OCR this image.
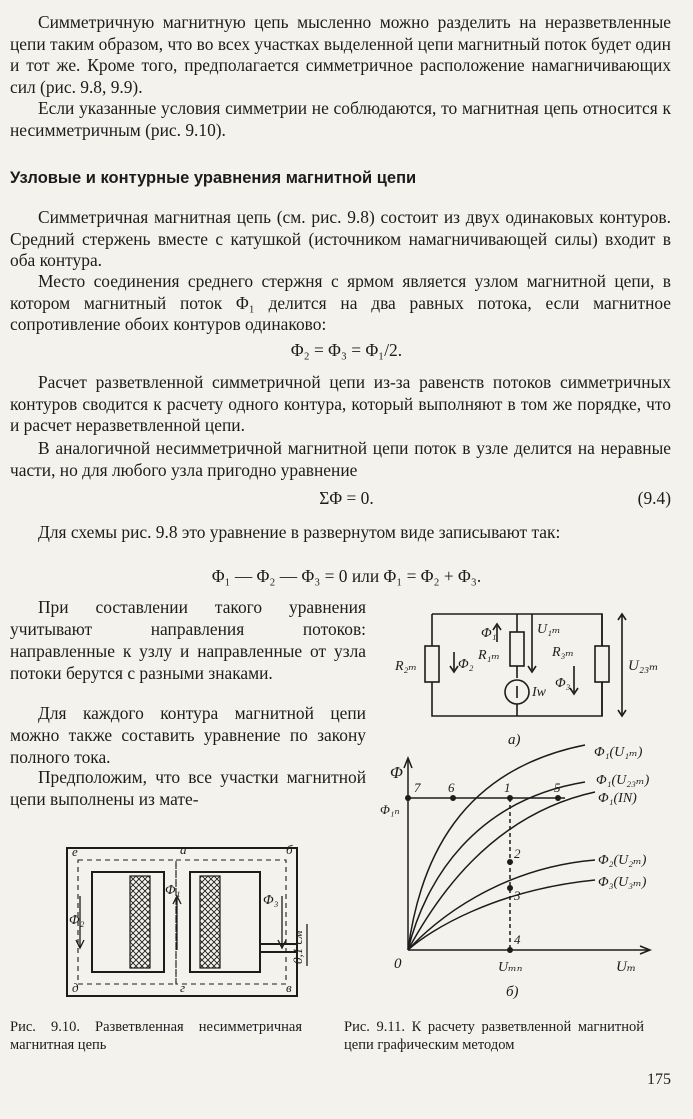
Симметричную магнитную цепь мысленно можно разделить на неразветвленные цепи таким образом, что во всех участках выделенной цепи магнитный поток будет один и тот же. Кроме того, предполагается симметричное расположение намагничивающих сил (рис. 9.8, 9.9).

Если указанные условия симметрии не соблюдаются, то магнитная цепь относится к несимметричным (рис. 9.10).

Узловые и контурные уравнения магнитной цепи

Симметричная магнитная цепь (см. рис. 9.8) состоит из двух одинаковых контуров. Средний стержень вместе с катушкой (источником намагничивающей силы) входит в оба контура.

Место соединения среднего стержня с ярмом является узлом магнитной цепи, в котором магнитный поток Φ₁ делится на два равных потока, если магнитное сопротивление обоих контуров одинаково:

Φ₂ = Φ₃ = Φ₁/2.

Расчет разветвленной симметричной цепи из-за равенств потоков симметричных контуров сводится к расчету одного контура, который выполняют в том же порядке, что и расчет неразветвленной цепи.

В аналогичной несимметричной магнитной цепи поток в узле делится на неравные части, но для любого узла пригодно уравнение

ΣΦ = 0.	(9.4)

Для схемы рис. 9.8 это уравнение в развернутом виде записывают так:

Φ₁ — Φ₂ — Φ₃ = 0 или Φ₁ = Φ₂ + Φ₃.

При составлении такого уравнения учитывают направления потоков: направленные к узлу и направленные от узла потоки берутся с разными знаками.

Для каждого контура магнитной цепи можно также составить уравнение по закону полного тока.

Предположим, что все участки магнитной цепи выполнены из мате-

Φ₁
Φ₂
Φ₃
R₁ₘ
R₂ₘ
R₃ₘ
U₁ₘ
U₂₃ₘ
Iw
а)
Φ
Φ₁ₙ
0	Uₘₙ	Uₘ
б)
Φ₁(U₁ₘ)
Φ₁(U₂₃ₘ)
Φ₁(IN)
Φ₂(U₂ₘ)
Φ₃(U₃ₘ)
7 6	1	5
2
3
4
а	б
в
г
д
е
Φ₁
Φ₂
Φ₃
0,1 см
Рис. 9.10. Разветвленная несимметричная магнитная цепь
Рис. 9.11. К расчету разветвленной магнитной цепи графическим методом
175
